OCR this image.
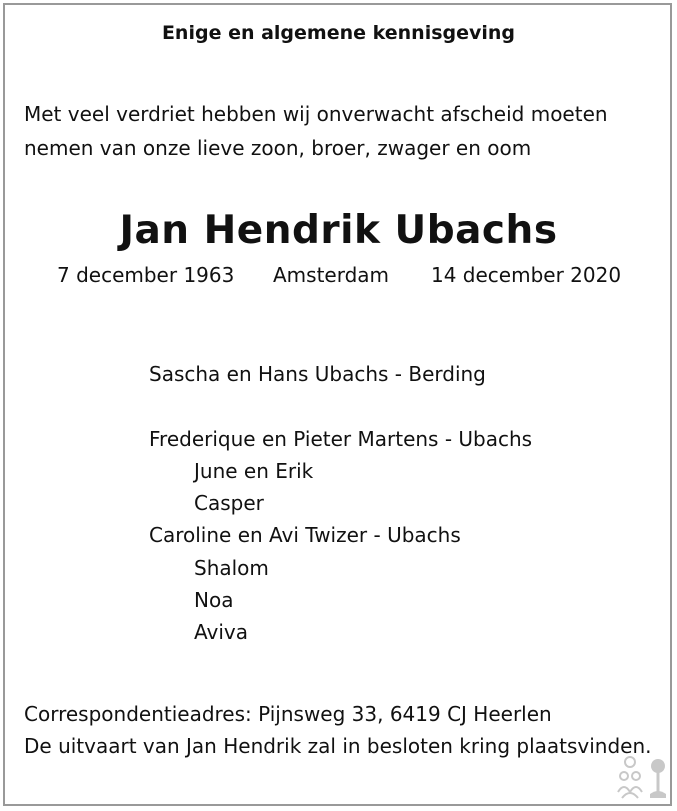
Enige en algemene kennisgeving
Met veel verdriet hebben wij onverwacht afscheid moeten
nemen van onze lieve zoon, broer, zwager en oom
Jan Hendrik Ubachs
7 december 1963 Amsterdam 14 december 2020
Sascha en Hans Ubachs - Berding
Frederique en Pieter Martens - Ubachs
June en Erik
Casper
Caroline en Avi Twizer - Ubachs
Shalom
Noa
Aviva
Correspondentieadres: Pijnsweg 33, 6419 CJ Heerlen
De uitvaart van Jan Hendrik zal in besloten kring plaatsvinden.
